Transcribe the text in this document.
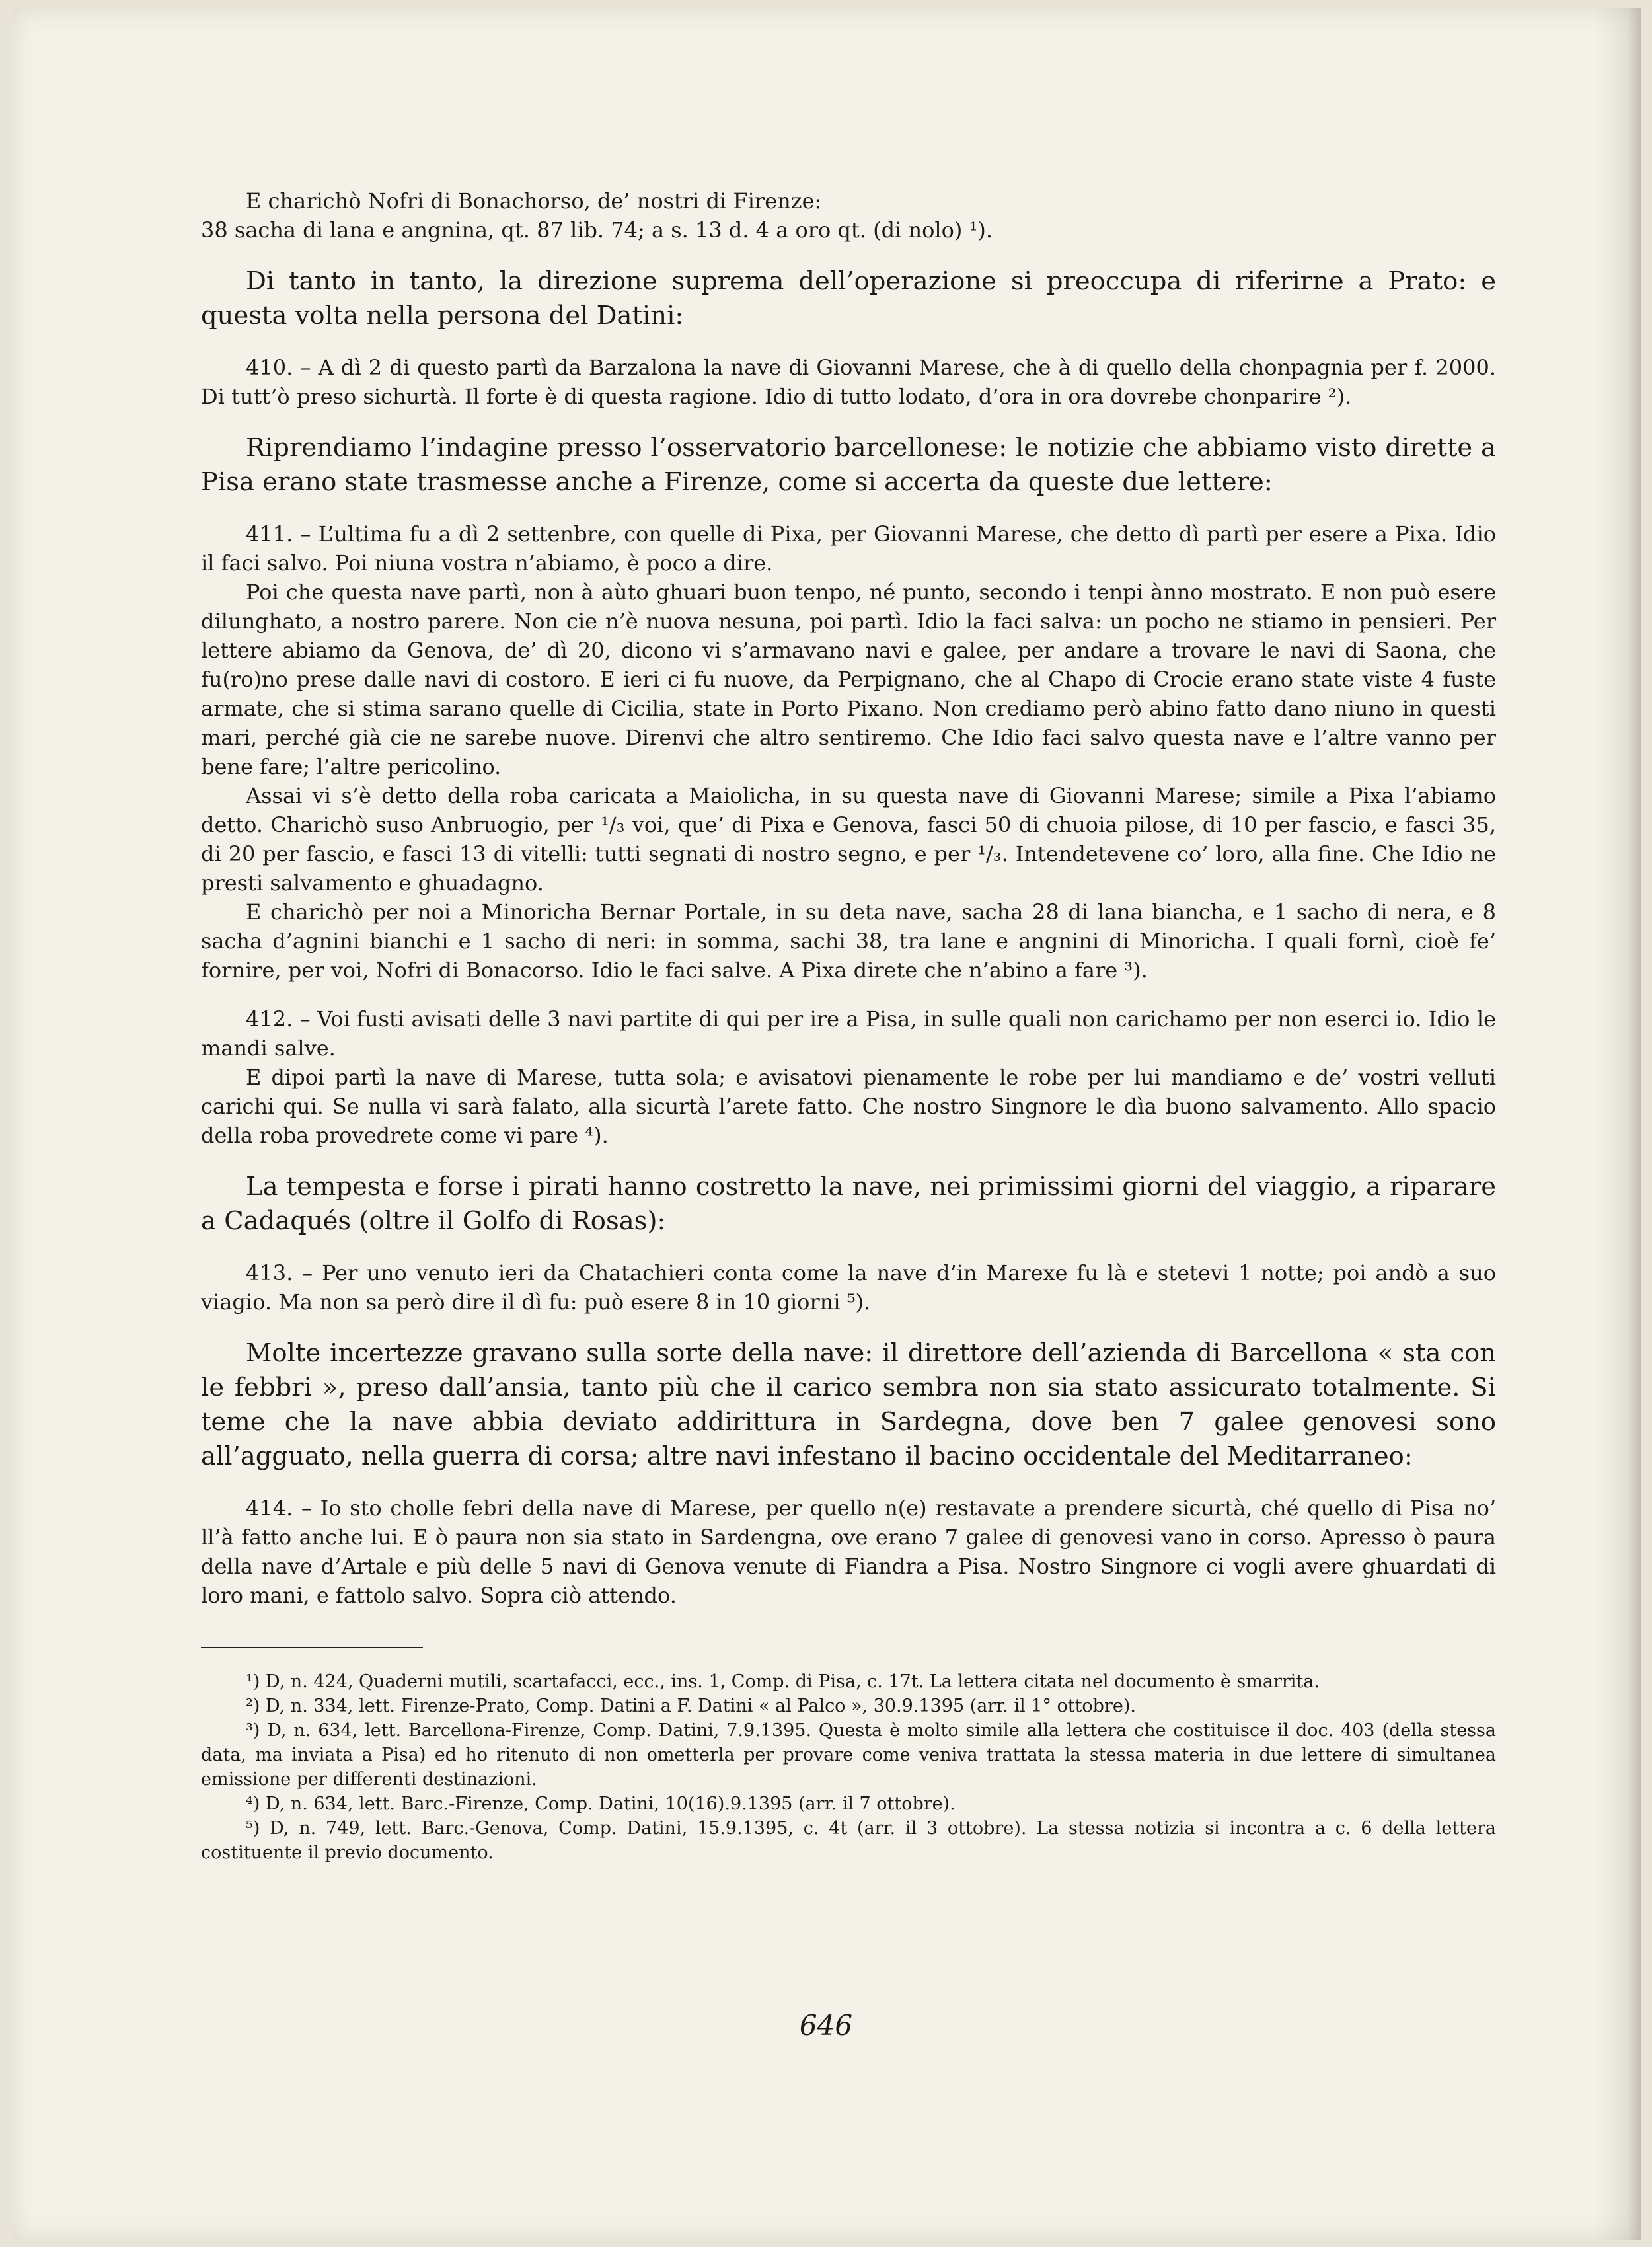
E charichò Nofri di Bonachorso, de’ nostri di Firenze:

38 sacha di lana e angnina, qt. 87 lib. 74; a s. 13 d. 4 a oro qt. (di nolo) ¹).

Di tanto in tanto, la direzione suprema dell’operazione si preoccupa di riferirne a Prato: e questa volta nella persona del Datini:

410. – A dì 2 di questo partì da Barzalona la nave di Giovanni Marese, che à di quello della chonpagnia per f. 2000. Di tutt’ò preso sichurtà. Il forte è di questa ragione. Idio di tutto lodato, d’ora in ora dovrebe chonparire ²).

Riprendiamo l’indagine presso l’osservatorio barcellonese: le notizie che abbiamo visto dirette a Pisa erano state trasmesse anche a Firenze, come si accerta da queste due lettere:

411. – L’ultima fu a dì 2 settenbre, con quelle di Pixa, per Giovanni Marese, che detto dì partì per esere a Pixa. Idio il faci salvo. Poi niuna vostra n’abiamo, è poco a dire.

Poi che questa nave partì, non à aùto ghuari buon tenpo, né punto, secondo i tenpi ànno mostrato. E non può esere dilunghato, a nostro parere. Non cie n’è nuova nesuna, poi partì. Idio la faci salva: un pocho ne stiamo in pensieri. Per lettere abiamo da Genova, de’ dì 20, dicono vi s’armavano navi e galee, per andare a trovare le navi di Saona, che fu(ro)no prese dalle navi di costoro. E ieri ci fu nuove, da Perpignano, che al Chapo di Crocie erano state viste 4 fuste armate, che si stima sarano quelle di Cicilia, state in Porto Pixano. Non crediamo però abino fatto dano niuno in questi mari, perché già cie ne sarebe nuove. Direnvi che altro sentiremo. Che Idio faci salvo questa nave e l’altre vanno per bene fare; l’altre pericolino.

Assai vi s’è detto della roba caricata a Maiolicha, in su questa nave di Giovanni Marese; simile a Pixa l’abiamo detto. Charichò suso Anbruogio, per ¹/₃ voi, que’ di Pixa e Genova, fasci 50 di chuoia pilose, di 10 per fascio, e fasci 35, di 20 per fascio, e fasci 13 di vitelli: tutti segnati di nostro segno, e per ¹/₃. Intendetevene co’ loro, alla fine. Che Idio ne presti salvamento e ghuadagno.

E charichò per noi a Minoricha Bernar Portale, in su deta nave, sacha 28 di lana biancha, e 1 sacho di nera, e 8 sacha d’agnini bianchi e 1 sacho di neri: in somma, sachi 38, tra lane e angnini di Minoricha. I quali fornì, cioè fe’ fornire, per voi, Nofri di Bonacorso. Idio le faci salve. A Pixa direte che n’abino a fare ³).

412. – Voi fusti avisati delle 3 navi partite di qui per ire a Pisa, in sulle quali non carichamo per non eserci io. Idio le mandi salve.

E dipoi partì la nave di Marese, tutta sola; e avisatovi pienamente le robe per lui mandiamo e de’ vostri velluti carichi qui. Se nulla vi sarà falato, alla sicurtà l’arete fatto. Che nostro Singnore le dìa buono salvamento. Allo spacio della roba provedrete come vi pare ⁴).

La tempesta e forse i pirati hanno costretto la nave, nei primissimi giorni del viaggio, a riparare a Cadaqués (oltre il Golfo di Rosas):

413. – Per uno venuto ieri da Chatachieri conta come la nave d’in Marexe fu là e stetevi 1 notte; poi andò a suo viagio. Ma non sa però dire il dì fu: può esere 8 in 10 giorni ⁵).

Molte incertezze gravano sulla sorte della nave: il direttore dell’azienda di Barcellona « sta con le febbri », preso dall’ansia, tanto più che il carico sembra non sia stato assicurato totalmente. Si teme che la nave abbia deviato addirittura in Sardegna, dove ben 7 galee genovesi sono all’agguato, nella guerra di corsa; altre navi infestano il bacino occidentale del Meditarraneo:

414. – Io sto cholle febri della nave di Marese, per quello n(e) restavate a prendere sicurtà, ché quello di Pisa no’ ll’à fatto anche lui. E ò paura non sia stato in Sardengna, ove erano 7 galee di genovesi vano in corso. Apresso ò paura della nave d’Artale e più delle 5 navi di Genova venute di Fiandra a Pisa. Nostro Singnore ci vogli avere ghuardati di loro mani, e fattolo salvo. Sopra ciò attendo.

¹) D, n. 424, Quaderni mutili, scartafacci, ecc., ins. 1, Comp. di Pisa, c. 17t. La lettera citata nel documento è smarrita.

²) D, n. 334, lett. Firenze-Prato, Comp. Datini a F. Datini « al Palco », 30.9.1395 (arr. il 1° ottobre).

³) D, n. 634, lett. Barcellona-Firenze, Comp. Datini, 7.9.1395. Questa è molto simile alla lettera che costituisce il doc. 403 (della stessa data, ma inviata a Pisa) ed ho ritenuto di non ometterla per provare come veniva trattata la stessa materia in due lettere di simultanea emissione per differenti destinazioni.

⁴) D, n. 634, lett. Barc.-Firenze, Comp. Datini, 10(16).9.1395 (arr. il 7 ottobre).

⁵) D, n. 749, lett. Barc.-Genova, Comp. Datini, 15.9.1395, c. 4t (arr. il 3 ottobre). La stessa notizia si incontra a c. 6 della lettera costituente il previo documento.

646
